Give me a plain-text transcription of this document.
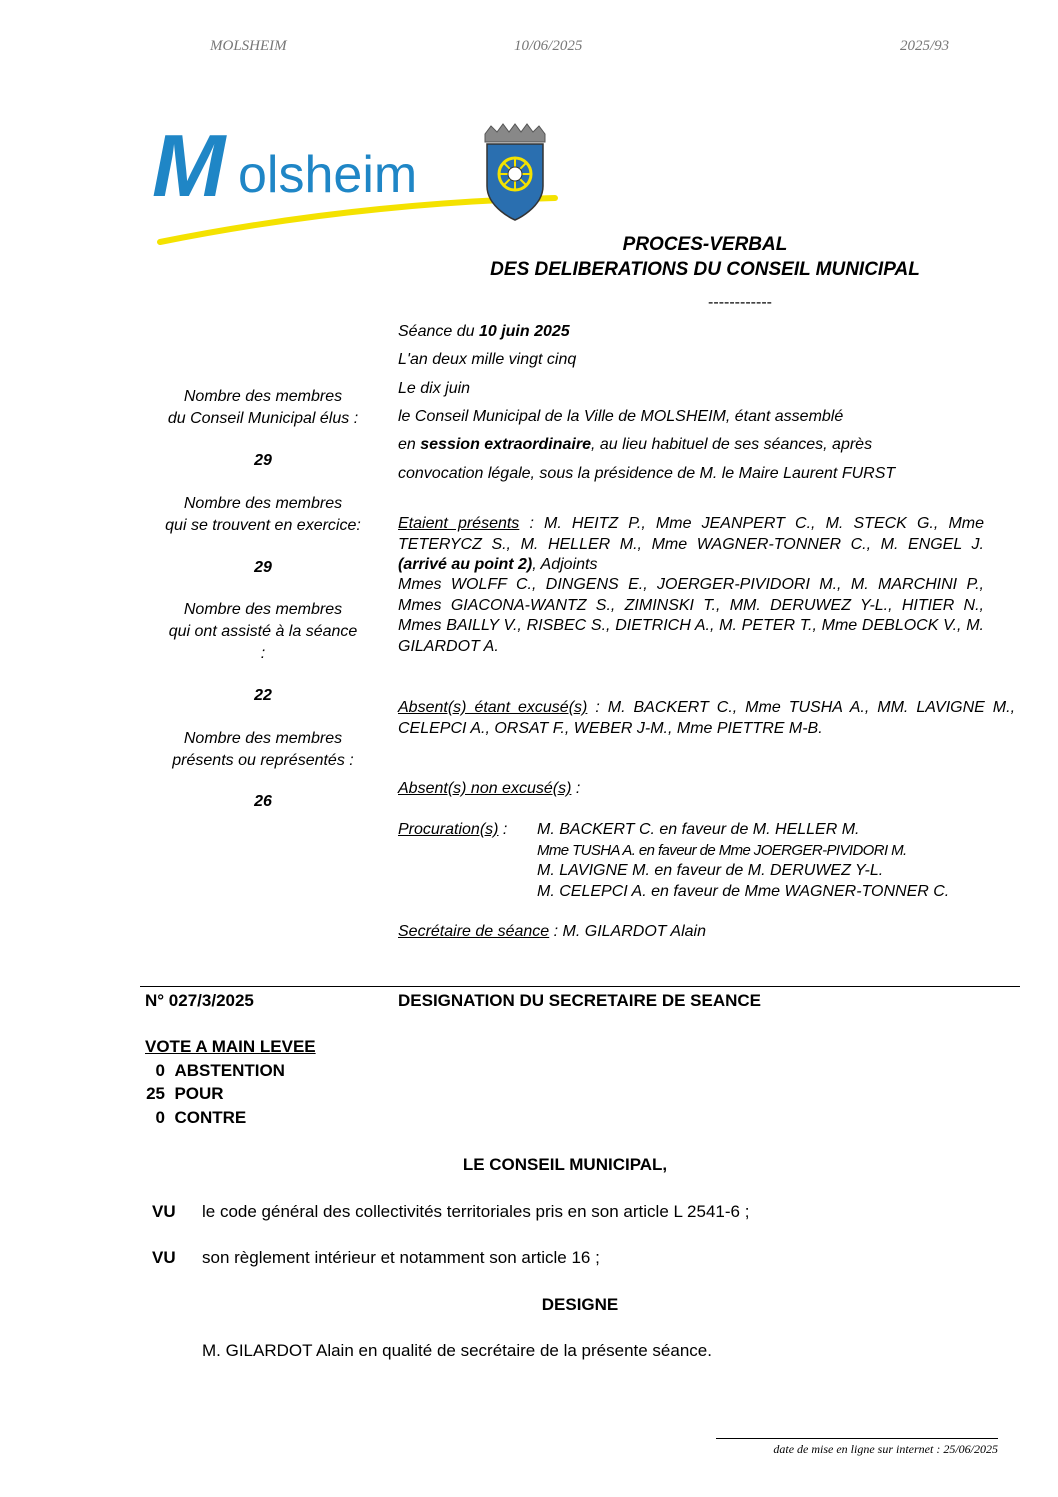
MOLSHEIM	10/06/2025	2025/93
M olsheim
PROCES-VERBAL
DES DELIBERATIONS DU CONSEIL MUNICIPAL
------------
Nombre des membres
du Conseil Municipal élus :
29
Nombre des membres
qui se trouvent en exercice:
29
Nombre des membres
qui ont assisté à la séance
:
22
Nombre des membres
présents ou représentés :
26
Séance du 10 juin 2025
L'an deux mille vingt cinq
Le dix juin
le Conseil Municipal de la Ville de MOLSHEIM, étant assemblé
en session extraordinaire, au lieu habituel de ses séances, après
convocation légale, sous la présidence de M. le Maire Laurent FURST
Etaient présents : M. HEITZ P., Mme JEANPERT C., M. STECK G., Mme TETERYCZ S., M. HELLER M., Mme WAGNER-TONNER C., M. ENGEL J. (arrivé au point 2), Adjoints
Mmes WOLFF C., DINGENS E., JOERGER-PIVIDORI M., M. MARCHINI P., Mmes GIACONA-WANTZ S., ZIMINSKI T., MM. DERUWEZ Y-L., HITIER N., Mmes BAILLY V., RISBEC S., DIETRICH A., M. PETER T., Mme DEBLOCK V., M. GILARDOT A.
Absent(s) étant excusé(s) : M. BACKERT C., Mme TUSHA A., MM. LAVIGNE M., CELEPCI A., ORSAT F., WEBER J-M., Mme PIETTRE M-B.
Absent(s) non excusé(s) :
Procuration(s) : M. BACKERT C. en faveur de M. HELLER M.
Mme TUSHA A. en faveur de Mme JOERGER-PIVIDORI M.
M. LAVIGNE M. en faveur de M. DERUWEZ Y-L.
M. CELEPCI A. en faveur de Mme WAGNER-TONNER C.
Secrétaire de séance : M. GILARDOT Alain
N° 027/3/2025	DESIGNATION DU SECRETAIRE DE SEANCE
VOTE A MAIN LEVEE
0 ABSTENTION
25 POUR
0 CONTRE
LE CONSEIL MUNICIPAL,
VU le code général des collectivités territoriales pris en son article L 2541-6 ;
VU son règlement intérieur et notamment son article 16 ;
DESIGNE
M. GILARDOT Alain en qualité de secrétaire de la présente séance.
date de mise en ligne sur internet : 25/06/2025
